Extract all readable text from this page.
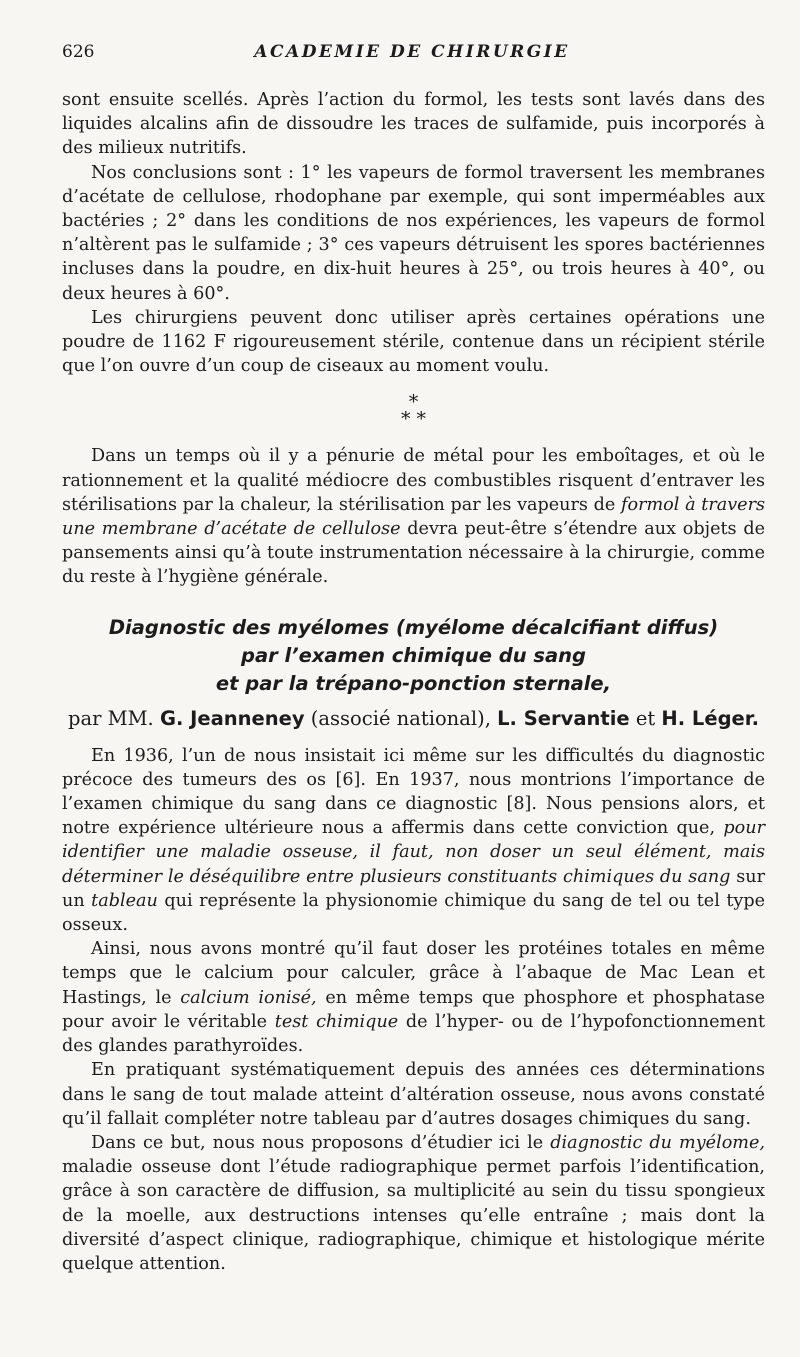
626	ACADEMIE DE CHIRURGIE

sont ensuite scellés. Après l’action du formol, les tests sont lavés dans des liquides alcalins afin de dissoudre les traces de sulfamide, puis incorporés à des milieux nutritifs.

Nos conclusions sont : 1° les vapeurs de formol traversent les membranes d’acétate de cellulose, rhodophane par exemple, qui sont imperméables aux bactéries ; 2° dans les conditions de nos expériences, les vapeurs de formol n’altèrent pas le sulfamide ; 3° ces vapeurs détruisent les spores bactériennes incluses dans la poudre, en dix-huit heures à 25°, ou trois heures à 40°, ou deux heures à 60°.

Les chirurgiens peuvent donc utiliser après certaines opérations une poudre de 1162 F rigoureusement stérile, contenue dans un récipient stérile que l’on ouvre d’un coup de ciseaux au moment voulu.

*
* *

Dans un temps où il y a pénurie de métal pour les emboîtages, et où le rationnement et la qualité médiocre des combustibles risquent d’entraver les stérilisations par la chaleur, la stérilisation par les vapeurs de formol à travers une membrane d’acétate de cellulose devra peut-être s’étendre aux objets de pansements ainsi qu’à toute instrumentation nécessaire à la chirurgie, comme du reste à l’hygiène générale.

Diagnostic des myélomes (myélome décalcifiant diffus)
par l’examen chimique du sang
et par la trépano-ponction sternale,
par MM. G. Jeanneney (associé national), L. Servantie et H. Léger.

En 1936, l’un de nous insistait ici même sur les difficultés du diagnostic précoce des tumeurs des os [6]. En 1937, nous montrions l’importance de l’examen chimique du sang dans ce diagnostic [8]. Nous pensions alors, et notre expérience ultérieure nous a affermis dans cette conviction que, pour identifier une maladie osseuse, il faut, non doser un seul élément, mais déterminer le déséquilibre entre plusieurs constituants chimiques du sang sur un tableau qui représente la physionomie chimique du sang de tel ou tel type osseux.

Ainsi, nous avons montré qu’il faut doser les protéines totales en même temps que le calcium pour calculer, grâce à l’abaque de Mac Lean et Hastings, le calcium ionisé, en même temps que phosphore et phosphatase pour avoir le véritable test chimique de l’hyper- ou de l’hypofonctionnement des glandes parathyroïdes.

En pratiquant systématiquement depuis des années ces déterminations dans le sang de tout malade atteint d’altération osseuse, nous avons constaté qu’il fallait compléter notre tableau par d’autres dosages chimiques du sang.

Dans ce but, nous nous proposons d’étudier ici le diagnostic du myélome, maladie osseuse dont l’étude radiographique permet parfois l’identification, grâce à son caractère de diffusion, sa multiplicité au sein du tissu spongieux de la moelle, aux destructions intenses qu’elle entraîne ; mais dont la diversité d’aspect clinique, radiographique, chimique et histologique mérite quelque attention.
